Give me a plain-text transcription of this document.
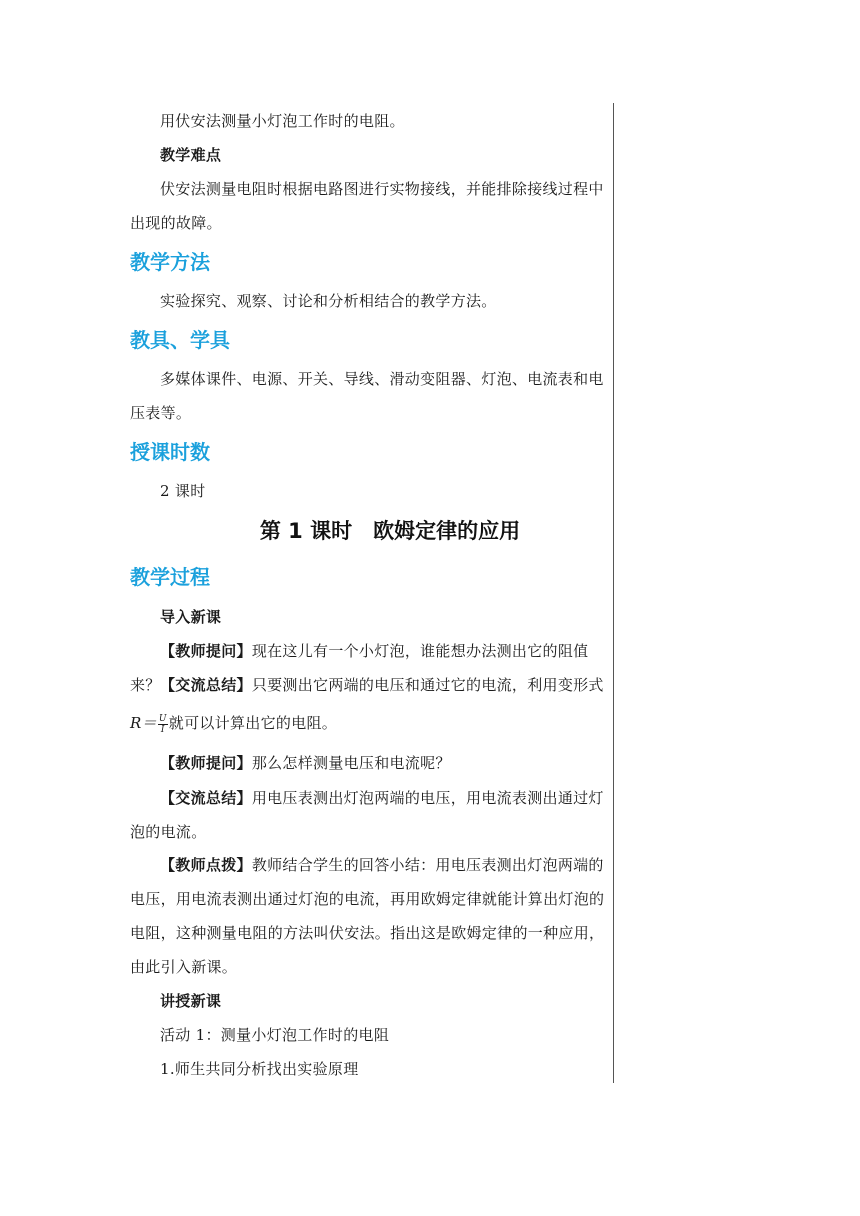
用伏安法测量小灯泡工作时的电阻。
教学难点
伏安法测量电阻时根据电路图进行实物接线，并能排除接线过程中出现的故障。
教学方法
实验探究、观察、讨论和分析相结合的教学方法。
教具、学具
多媒体课件、电源、开关、导线、滑动变阻器、灯泡、电流表和电压表等。
授课时数
2 课时
第 1 课时　欧姆定律的应用
教学过程
导入新课
【教师提问】现在这儿有一个小灯泡，谁能想办法测出它的阻值来？ 【交流总结】只要测出它两端的电压和通过它的电流，利用变形式
$R= \frac{U}{I}$ 就可以计算出它的电阻。
【教师提问】那么怎样测量电压和电流呢？
【交流总结】用电压表测出灯泡两端的电压，用电流表测出通过灯泡的电流。
【教师点拨】教师结合学生的回答小结：用电压表测出灯泡两端的电压，用电流表测出通过灯泡的电流，再用欧姆定律就能计算出灯泡的电阻，这种测量电阻的方法叫伏安法。指出这是欧姆定律的一种应用，由此引入新课。
讲授新课
活动 1：测量小灯泡工作时的电阻
1.师生共同分析找出实验原理
